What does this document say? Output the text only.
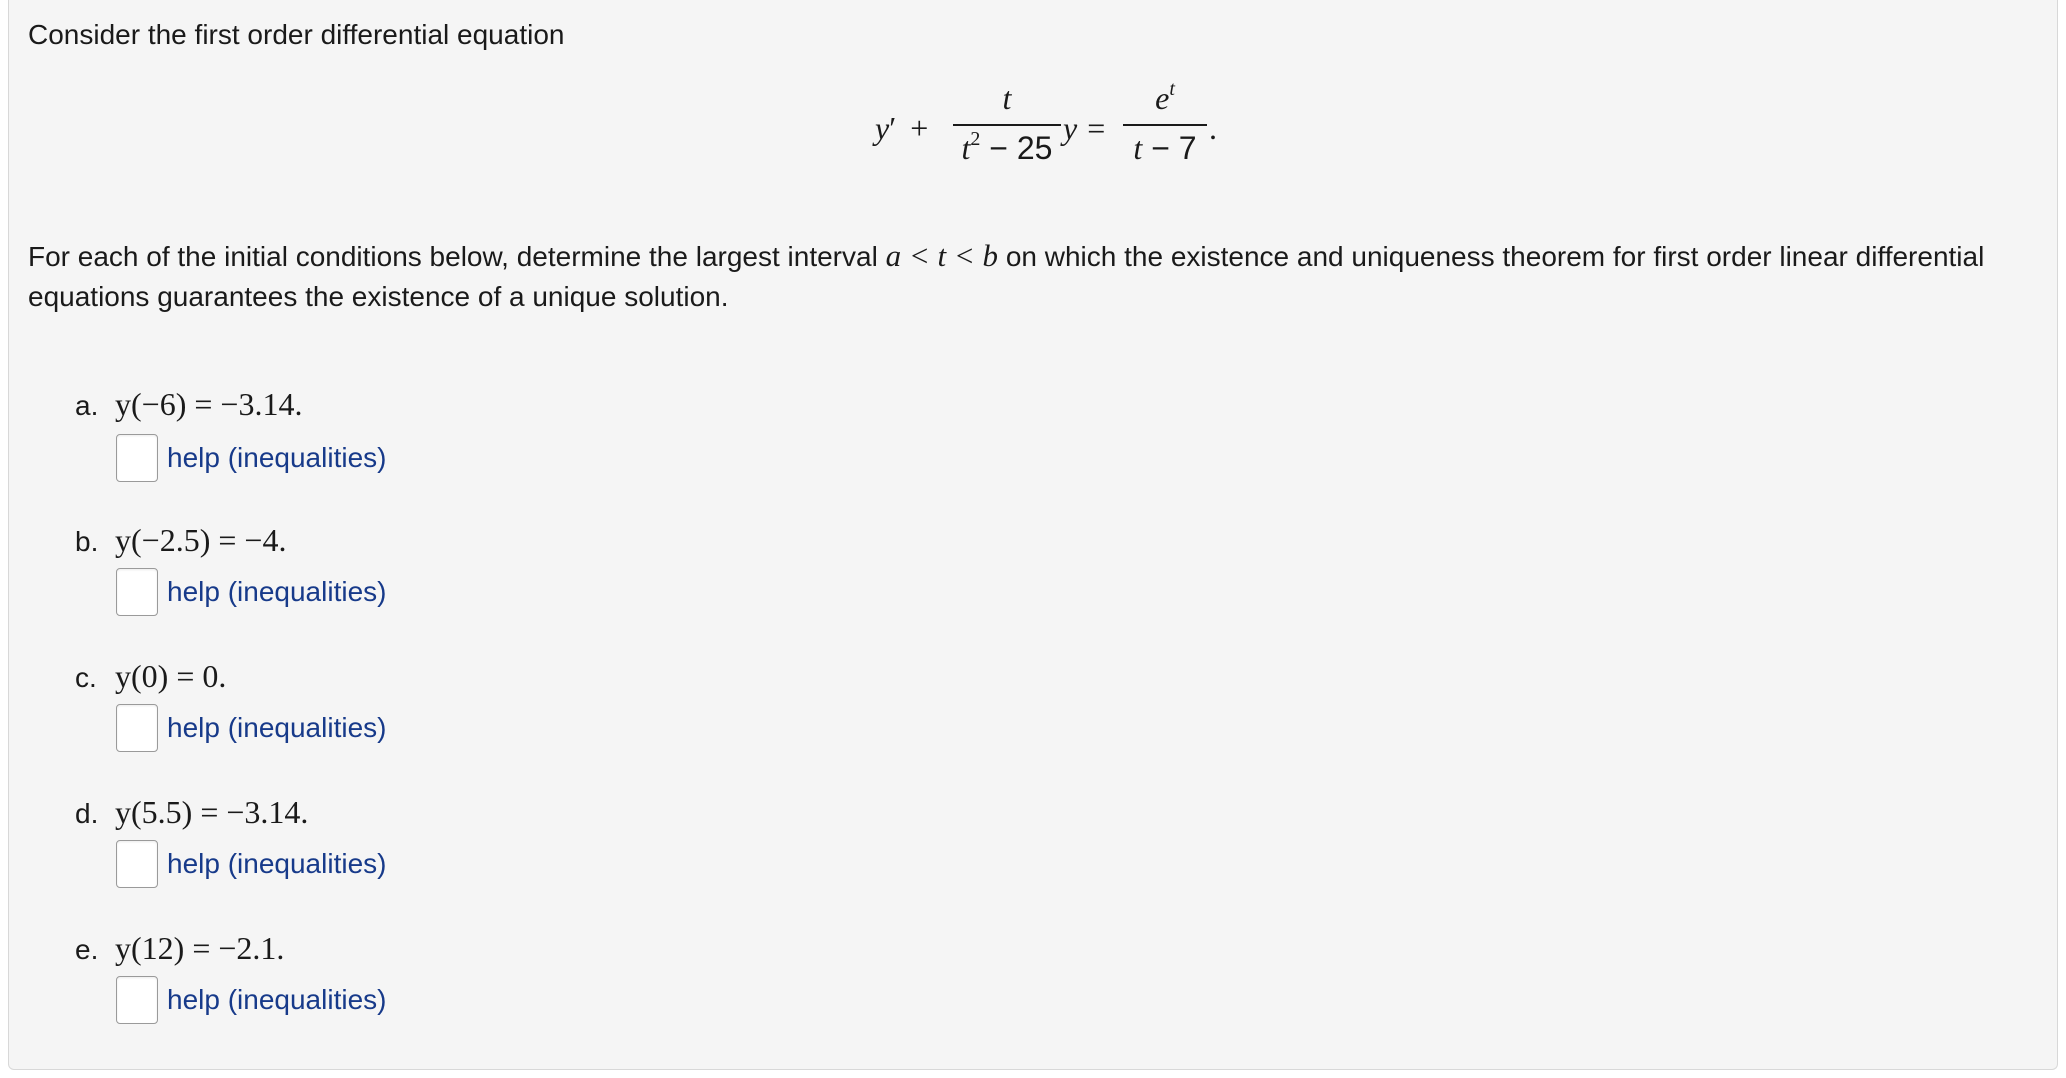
Consider the first order differential equation
y′ +
t
$t^2 - 25$
y =
$e^t$
t − 7
.
For each of the initial conditions below, determine the largest interval a < t < b on which the existence and uniqueness theorem for first order linear differential equations guarantees the existence of a unique solution.
a. y(−6) = −3.14.
help (inequalities)
b. y(−2.5) = −4.
help (inequalities)
c. y(0) = 0.
help (inequalities)
d. y(5.5) = −3.14.
help (inequalities)
e. y(12) = −2.1.
help (inequalities)
